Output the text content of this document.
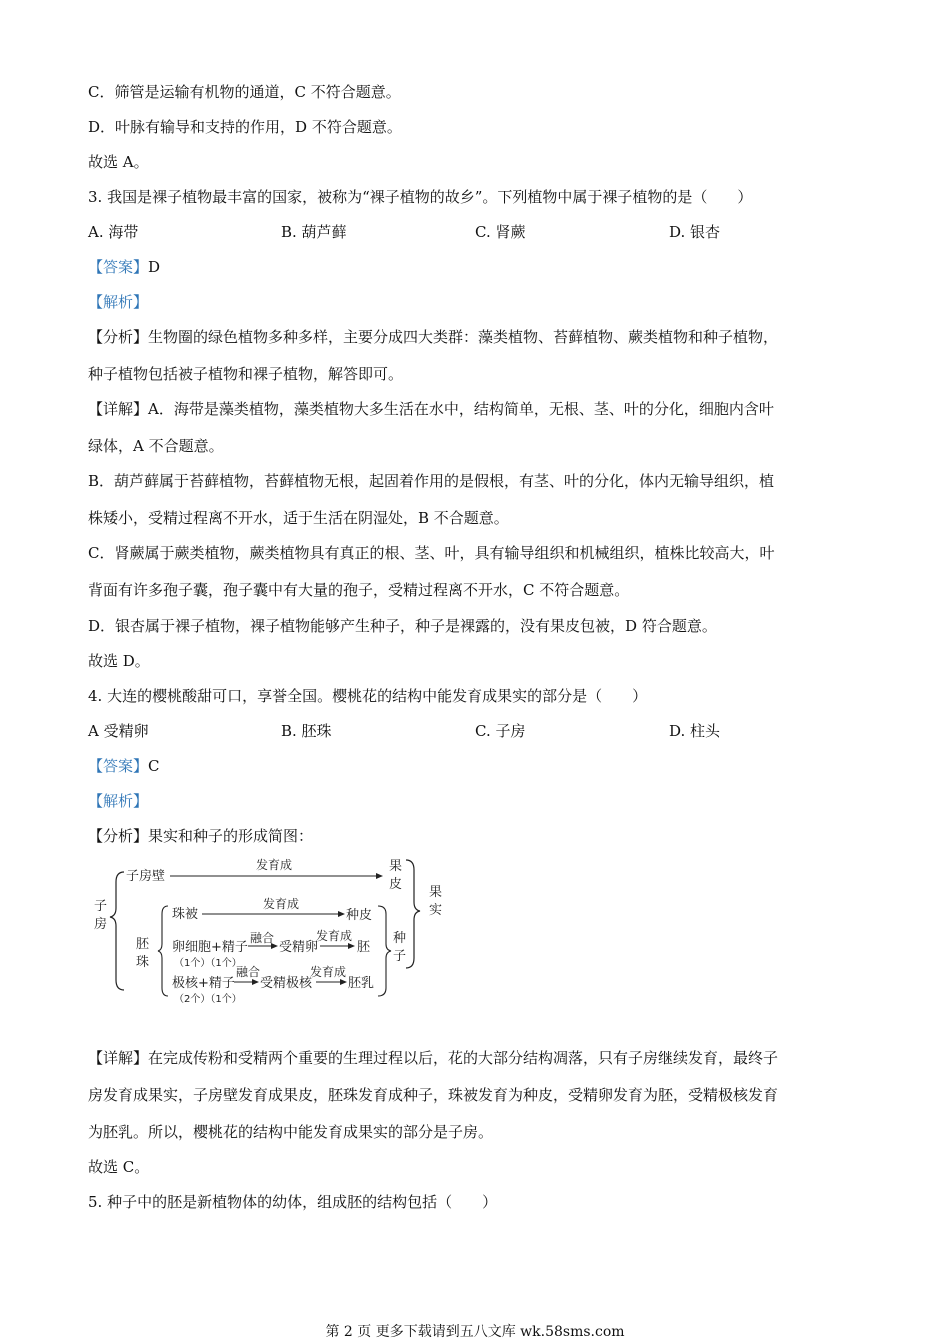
C．筛管是运输有机物的通道，C 不符合题意。
D．叶脉有输导和支持的作用，D 不符合题意。
故选 A。
3. 我国是裸子植物最丰富的国家，被称为“裸子植物的故乡”。下列植物中属于裸子植物的是（　　）
A. 海带	B. 葫芦藓	C. 肾蕨	D. 银杏
【答案】D
【解析】
【分析】生物圈的绿色植物多种多样，主要分成四大类群：藻类植物、苔藓植物、蕨类植物和种子植物，
种子植物包括被子植物和裸子植物，解答即可。
【详解】A．海带是藻类植物，藻类植物大多生活在水中，结构简单，无根、茎、叶的分化，细胞内含叶
绿体，A 不合题意。
B．葫芦藓属于苔藓植物，苔藓植物无根，起固着作用的是假根，有茎、叶的分化，体内无输导组织，植
株矮小，受精过程离不开水，适于生活在阴湿处，B 不合题意。
C．肾蕨属于蕨类植物，蕨类植物具有真正的根、茎、叶，具有输导组织和机械组织，植株比较高大，叶
背面有许多孢子囊，孢子囊中有大量的孢子，受精过程离不开水，C 不符合题意。
D．银杏属于裸子植物，裸子植物能够产生种子，种子是裸露的，没有果皮包被，D 符合题意。
故选 D。
4. 大连的樱桃酸甜可口，享誉全国。樱桃花的结构中能发育成果实的部分是（　　）
A 受精卵	B. 胚珠	C. 子房	D. 柱头
【答案】C
【解析】
【分析】果实和种子的形成简图：
子
房
子房壁
发育成	果
皮
胚
珠
珠被
发育成
种皮
卵细胞+精子
融合
受精卵
发育成
胚
（1个）（1个）
极核+精子
融合
受精极核
发育成
胚乳
（2个）（1个）
种
子
果
实
【详解】在完成传粉和受精两个重要的生理过程以后，花的大部分结构凋落，只有子房继续发育，最终子
房发育成果实，子房壁发育成果皮，胚珠发育成种子，珠被发育为种皮，受精卵发育为胚，受精极核发育
为胚乳。所以，樱桃花的结构中能发育成果实的部分是子房。
故选 C。
5. 种子中的胚是新植物体的幼体，组成胚的结构包括（　　）
第 2 页 更多下载请到五八文库 wk.58sms.com
